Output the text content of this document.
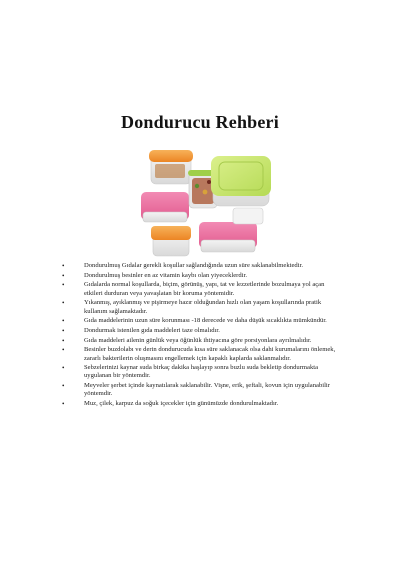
Dondurucu Rehberi
•	Dondurulmuş Gıdalar gerekli koşullar sağlandığında uzun süre saklanabilmektedir.
•	Dondurulmuş besinler en az vitamin kaybı olan yiyeceklerdir.
•	Gıdalarda normal koşullarda, biçim, görünüş, yapı, tat ve lezzetlerinde bozulmaya yol açan etkileri durduran veya yavaşlatan bir koruma yöntemidir.
•	Yıkanmış, ayıklanmış ve pişirmeye hazır olduğundan hızlı olan yaşam koşullarında pratik kullanım sağlamaktadır.
•	Gıda maddelerinin uzun süre korunması -18 derecede ve daha düşük sıcaklıkta mümkündür.
•	Dondurmak istenilen gıda maddeleri taze olmalıdır.
•	Gıda maddeleri ailenin günlük veya öğünlük ihtiyacına göre porsiyonlara ayrılmalıdır.
•	Besinler buzdolabı ve derin dondurucuda kısa süre saklanacak olsa dahi kurumalarını önlemek, zararlı bakterilerin oluşmasını engellemek için kapaklı kaplarda saklanmalıdır.
•	Sebzelerinizi kaynar suda birkaç dakika haşlayıp sonra buzlu suda bekletip dondurmakta uygulanan bir yöntemdir.
•	Meyveler şerbet içinde kaynatılarak saklanabilir. Vişne, erik, şeftali, kovun için uygulanabilir yöntemdir.
•	Muz, çilek, karpuz da soğuk içecekler için günümüzde dondurulmaktadır.
